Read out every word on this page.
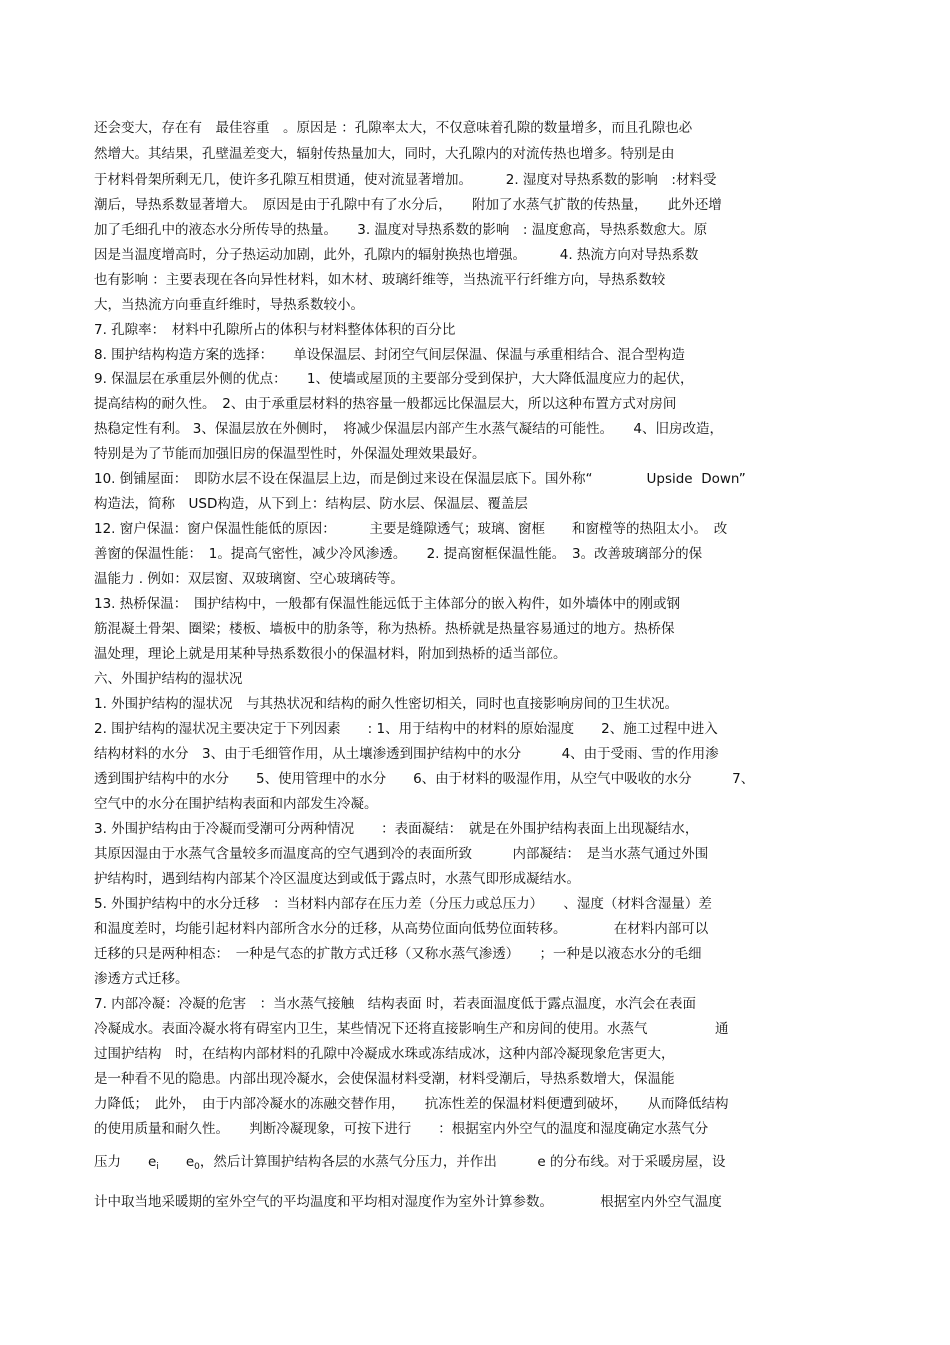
还会变大，存在有　最佳容重　。原因是 ：孔隙率太大，不仅意味着孔隙的数量增多，而且孔隙也必
然增大。其结果，孔壁温差变大，辐射传热量加大，同时，大孔隙内的对流传热也增多。特别是由
于材料骨架所剩无几，使许多孔隙互相贯通，使对流显著增加。　　　2. 湿度对导热系数的影响　:材料受
潮后，导热系数显著增大。　原因是由于孔隙中有了水分后，　　附加了水蒸气扩散的传热量，　　此外还增
加了毛细孔中的液态水分所传导的热量。　　3. 温度对导热系数的影响　: 温度愈高，导热系数愈大。原
因是当温度增高时，分子热运动加剧，此外，孔隙内的辐射换热也增强。　　　4. 热流方向对导热系数
也有影响 ：主要表现在各向异性材料，如木材、玻璃纤维等，当热流平行纤维方向，导热系数较
大，当热流方向垂直纤维时，导热系数较小。
7. 孔隙率：　材料中孔隙所占的体积与材料整体体积的百分比
8. 围护结构构造方案的选择：　　单设保温层、封闭空气间层保温、保温与承重相结合、混合型构造
9. 保温层在承重层外侧的优点：　　1、使墙或屋顶的主要部分受到保护，大大降低温度应力的起伏，
提高结构的耐久性。　2、由于承重层材料的热容量一般都远比保温层大，所以这种布置方式对房间
热稳定性有利。 3、保温层放在外侧时，　将减少保温层内部产生水蒸气凝结的可能性。　　4、旧房改造，
特别是为了节能而加强旧房的保温型性时，外保温处理效果最好。
10. 倒铺屋面：　即防水层不设在保温层上边，而是倒过来设在保温层底下。国外称“　　　　Upside  Down”
构造法，简称　USD构造，从下到上：结构层、防水层、保温层、覆盖层
12. 窗户保温：窗户保温性能低的原因：　　　主要是缝隙透气；玻璃、窗框　　和窗樘等的热阻太小。　改
善窗的保温性能：　1。提高气密性，减少冷风渗透。　　2. 提高窗框保温性能。　3。改善玻璃部分的保
温能力 . 例如：双层窗、双玻璃窗、空心玻璃砖等。
13. 热桥保温：　围护结构中，一般都有保温性能远低于主体部分的嵌入构件，如外墙体中的刚或钢
筋混凝土骨架、圈梁；楼板、墙板中的肋条等，称为热桥。热桥就是热量容易通过的地方。热桥保
温处理，理论上就是用某种导热系数很小的保温材料，附加到热桥的适当部位。
六、外围护结构的湿状况
1. 外围护结构的湿状况　与其热状况和结构的耐久性密切相关，同时也直接影响房间的卫生状况。
2. 围护结构的湿状况主要决定于下列因素　　: 1、用于结构中的材料的原始湿度　　2、施工过程中进入
结构材料的水分　3、由于毛细管作用，从土壤渗透到围护结构中的水分　　　4、由于受雨、雪的作用渗
透到围护结构中的水分　　5、使用管理中的水分　　6、由于材料的吸湿作用，从空气中吸收的水分　　　7、
空气中的水分在围护结构表面和内部发生冷凝。
3. 外围护结构由于冷凝而受潮可分两种情况　　：表面凝结：　就是在外围护结构表面上出现凝结水，
其原因湿由于水蒸气含量较多而温度高的空气遇到冷的表面所致　　　内部凝结：　是当水蒸气通过外围
护结构时，遇到结构内部某个冷区温度达到或低于露点时，水蒸气即形成凝结水。
5. 外围护结构中的水分迁移　：当材料内部存在压力差（分压力或总压力）　　、湿度（材料含湿量）差
和温度差时，均能引起材料内部所含水分的迁移，从高势位面向低势位面转移。　　　　在材料内部可以
迁移的只是两种相态：　一种是气态的扩散方式迁移（又称水蒸气渗透）　　；一种是以液态水分的毛细
渗透方式迁移。
7. 内部冷凝：冷凝的危害　：当水蒸气接触　结构表面 时，若表面温度低于露点温度，水汽会在表面
冷凝成水。表面冷凝水将有碍室内卫生，某些情况下还将直接影响生产和房间的使用。水蒸气　　　　　通
过围护结构　时，在结构内部材料的孔隙中冷凝成水珠或冻结成冰，这种内部冷凝现象危害更大，
是一种看不见的隐患。内部出现冷凝水，会使保温材料受潮，材料受潮后，导热系数增大，保温能
力降低；　此外，　由于内部冷凝水的冻融交替作用，　　抗冻性差的保温材料便遭到破坏，　　从而降低结构
的使用质量和耐久性。　　判断冷凝现象，可按下进行　　：根据室内外空气的温度和湿度确定水蒸气分
压力　　$e_i$　　 $e_0$，然后计算围护结构各层的水蒸气分压力，并作出　　　e 的分布线。对于采暖房屋，设
计中取当地采暖期的室外空气的平均温度和平均相对湿度作为室外计算参数。　　　　根据室内外空气温度
